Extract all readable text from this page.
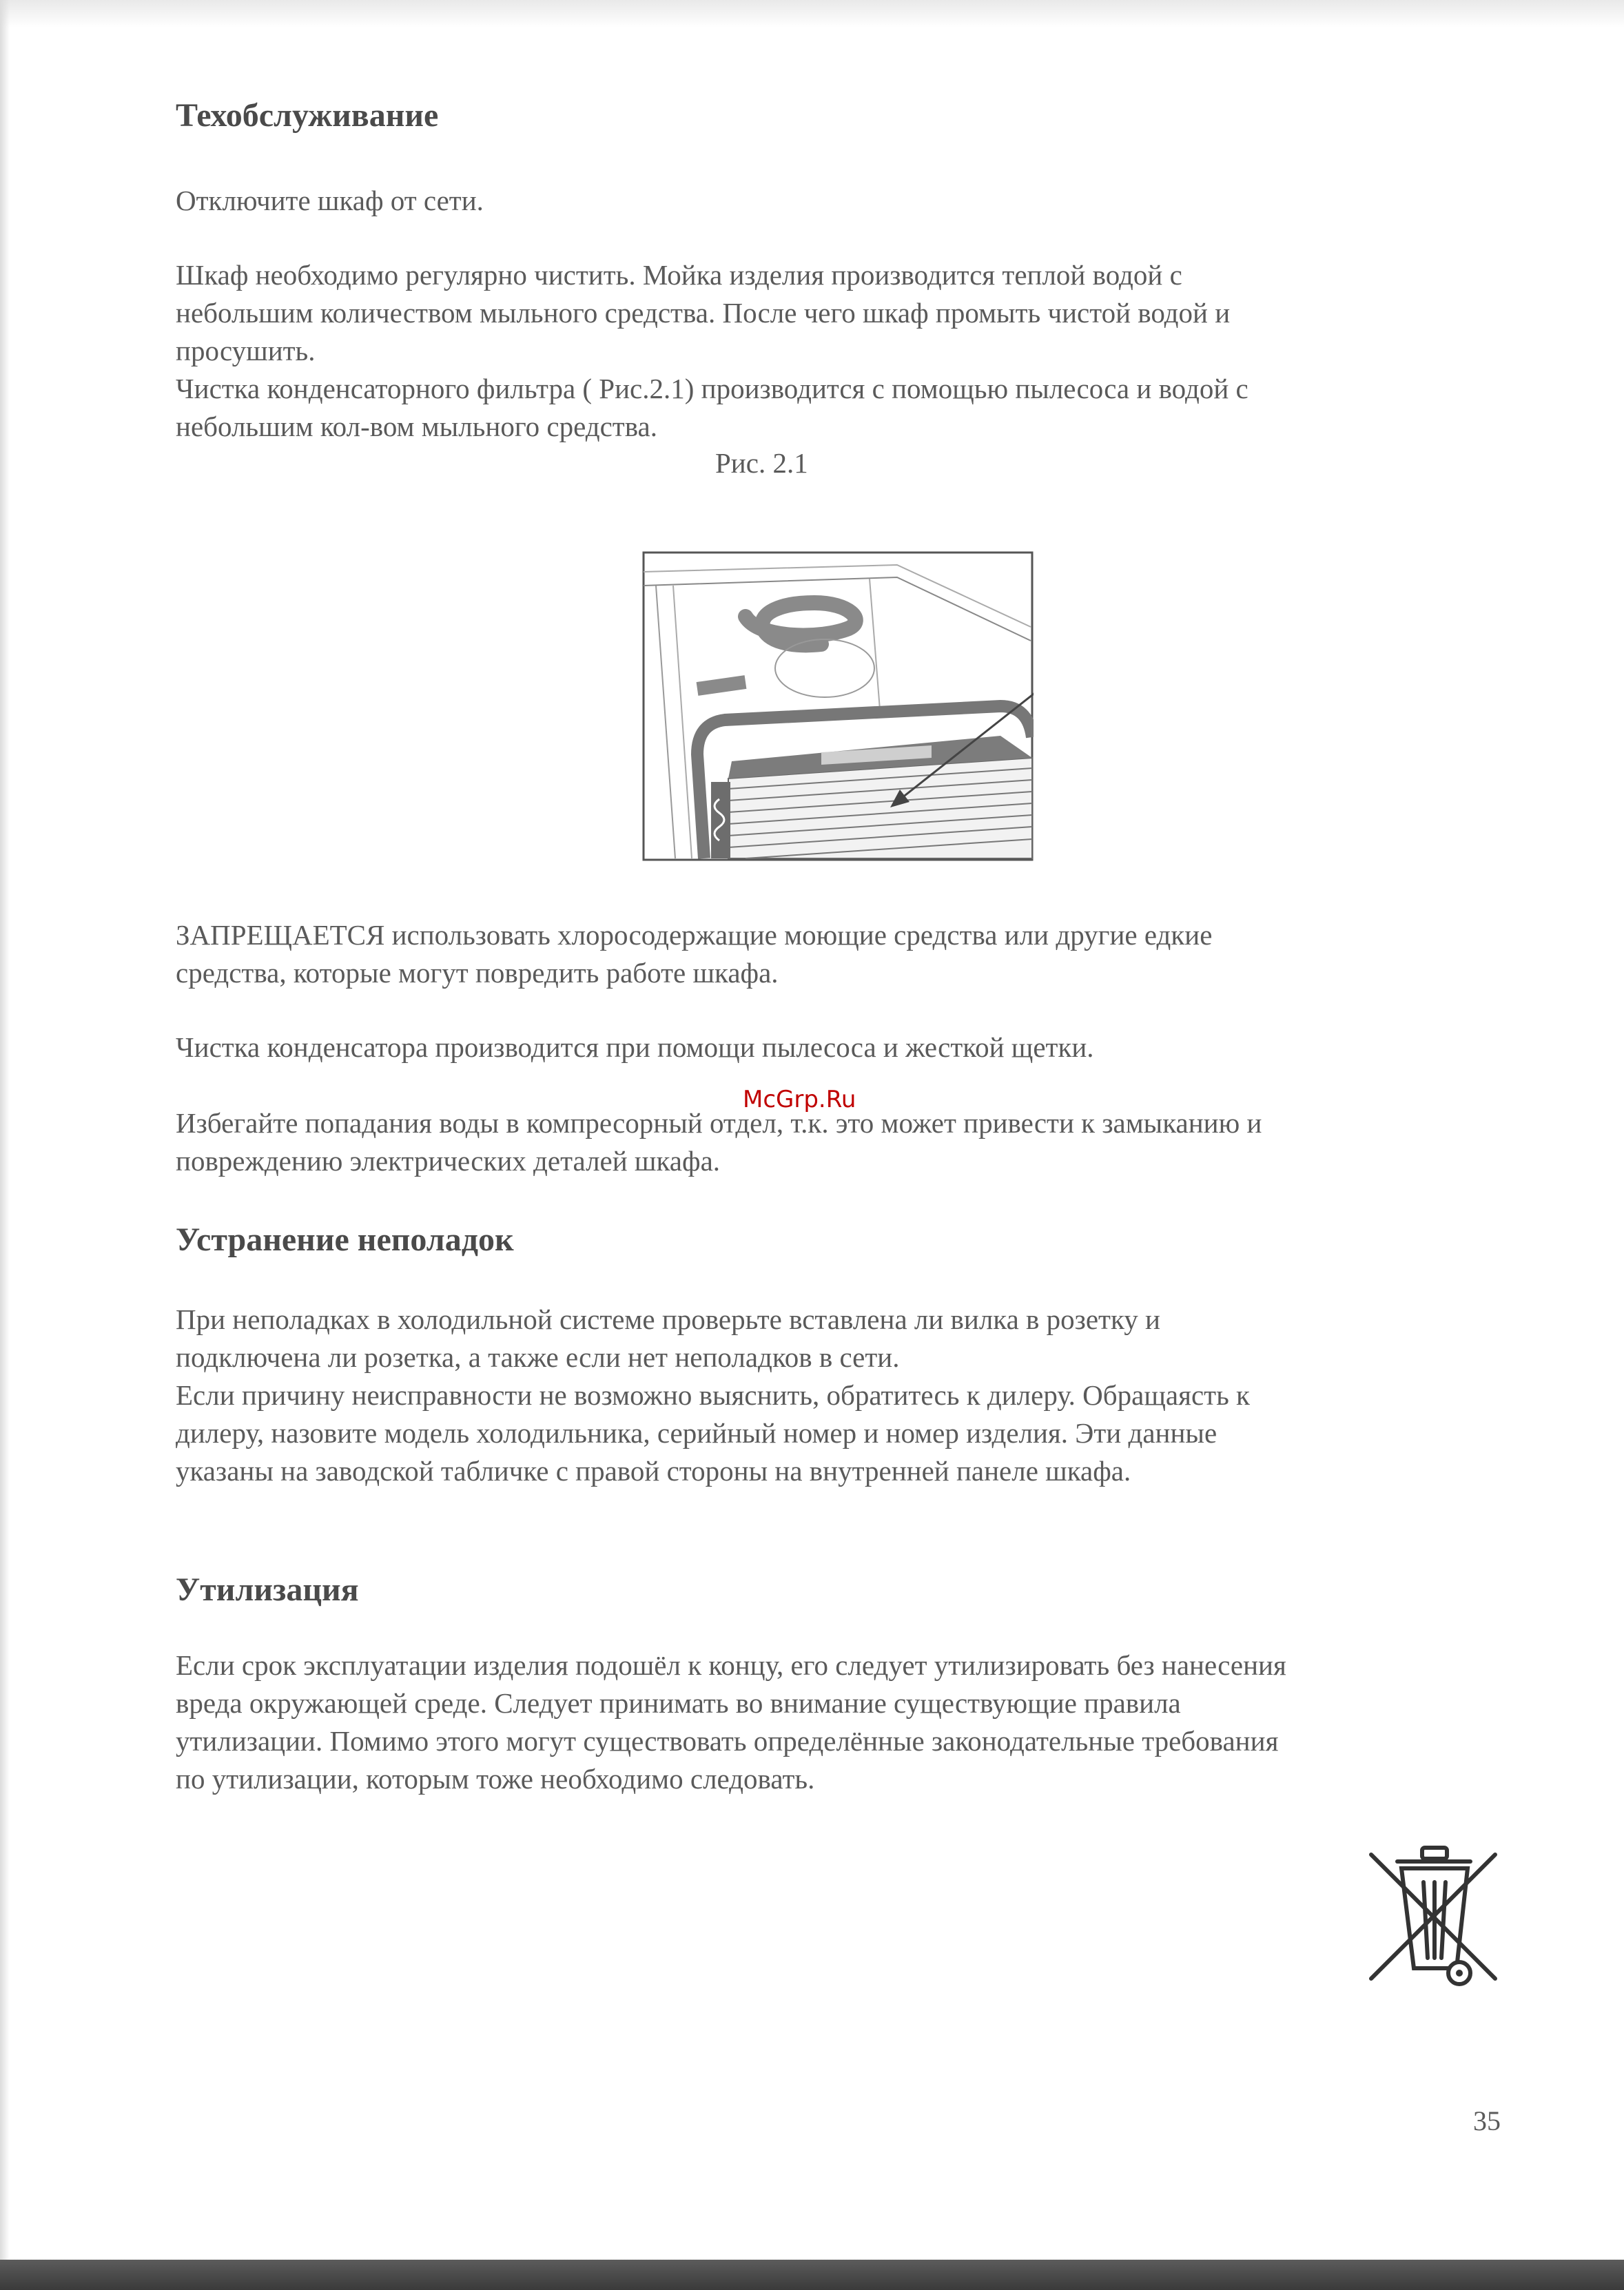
Техобслуживание

Отключите шкаф от сети.

Шкаф необходимо регулярно чистить. Мойка изделия производится теплой водой с

небольшим количеством мыльного средства. После чего шкаф промыть чистой водой и

просушить.

Чистка конденсаторного фильтра ( Рис.2.1) производится с помощью пылесоса и водой с

небольшим кол-вом мыльного средства.

Рис. 2.1

ЗАПРЕЩАЕТСЯ использовать хлоросодержащие моющие средства или другие едкие

средства, которые могут повредить работе шкафа.

Чистка конденсатора производится при помощи пылесоса и жесткой щетки.

Избегайте попадания воды в компресорный отдел, т.к. это может привести к замыканию и

повреждению электрических деталей шкафа.

McGrp.Ru

Устранение неполадок

При неполадках в холодильной системе проверьте вставлена ли вилка в розетку и

подключена ли розетка, а также если нет неполадков в сети.

Если причину неисправности не возможно выяснить, обратитесь к дилеру. Обращаясть к

дилеру, назовите модель холодильника, серийный номер и номер изделия. Эти данные

указаны на заводской табличке с правой стороны на внутренней панеле шкафа.

Утилизация

Если срок эксплуатации изделия подошёл к концу, его следует утилизировать без нанесения

вреда окружающей среде. Следует принимать во внимание существующие правила

утилизации. Помимо этого могут существовать определённые законодательные требования

по утилизации, которым тоже необходимо следовать.

35
